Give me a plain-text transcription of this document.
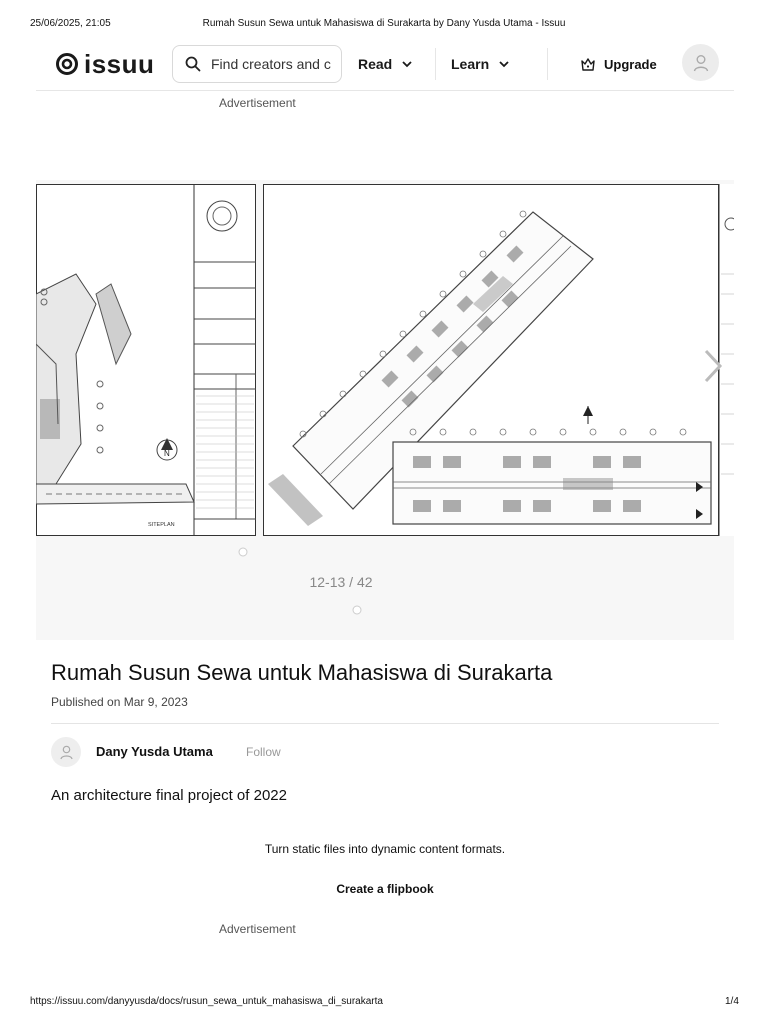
25/06/2025, 21:05	Rumah Susun Sewa untuk Mahasiswa di Surakarta by Dany Yusda Utama - Issuu
issuu
Find creators and c	Read	Learn	Upgrade
Advertisement
N
SITEPLAN
12-13 / 42
Rumah Susun Sewa untuk Mahasiswa di Surakarta
Published on Mar 9, 2023
Dany Yusda Utama	Follow
An architecture final project of 2022
Turn static files into dynamic content formats.
Create a flipbook
Advertisement
https://issuu.com/danyyusda/docs/rusun_sewa_untuk_mahasiswa_di_surakarta	1/4
